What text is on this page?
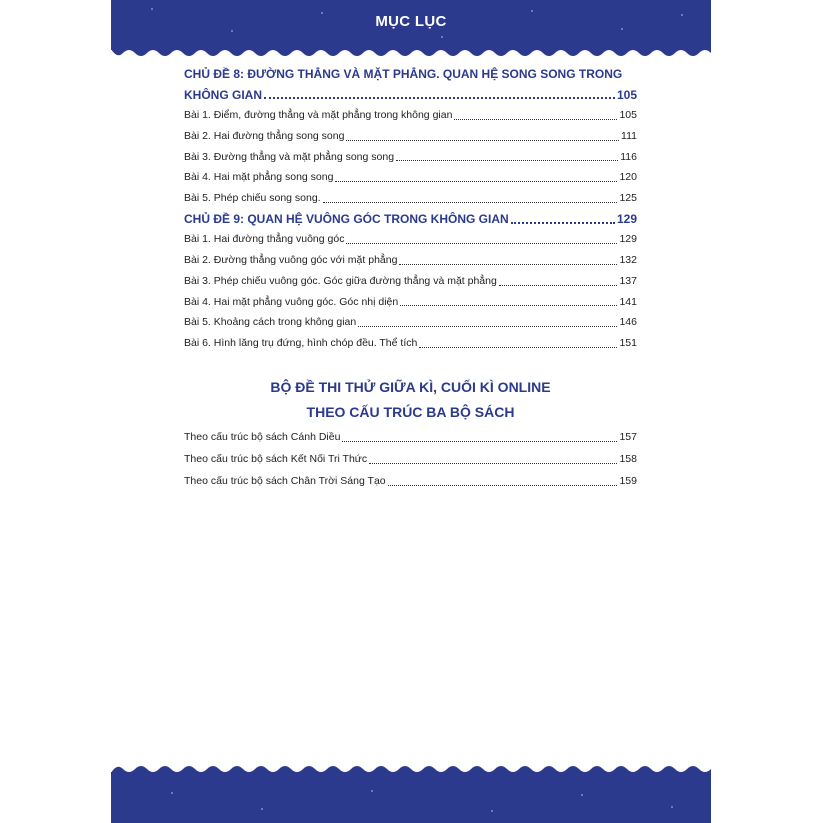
MỤC LỤC
CHỦ ĐỀ 8: ĐƯỜNG THẲNG VÀ MẶT PHẲNG. QUAN HỆ SONG SONG TRONG
KHÔNG GIAN	105
Bài 1. Điểm, đường thẳng và mặt phẳng trong không gian	105
Bài 2. Hai đường thẳng song song	111
Bài 3. Đường thẳng và mặt phẳng song song	116
Bài 4. Hai mặt phẳng song song	120
Bài 5. Phép chiếu song song.	125
CHỦ ĐỀ 9: QUAN HỆ VUÔNG GÓC TRONG KHÔNG GIAN	129
Bài 1. Hai đường thẳng vuông góc	129
Bài 2. Đường thẳng vuông góc với mặt phẳng	132
Bài 3. Phép chiếu vuông góc. Góc giữa đường thẳng và mặt phẳng	137
Bài 4. Hai mặt phẳng vuông góc. Góc nhị diện	141
Bài 5. Khoảng cách trong không gian	146
Bài 6. Hình lăng trụ đứng, hình chóp đều. Thể tích	151
BỘ ĐỀ THI THỬ GIỮA KÌ, CUỐI KÌ ONLINE
THEO CẤU TRÚC BA BỘ SÁCH
Theo cấu trúc bộ sách Cánh Diều	157
Theo cấu trúc bộ sách Kết Nối Tri Thức	158
Theo cấu trúc bộ sách Chân Trời Sáng Tạo	159
